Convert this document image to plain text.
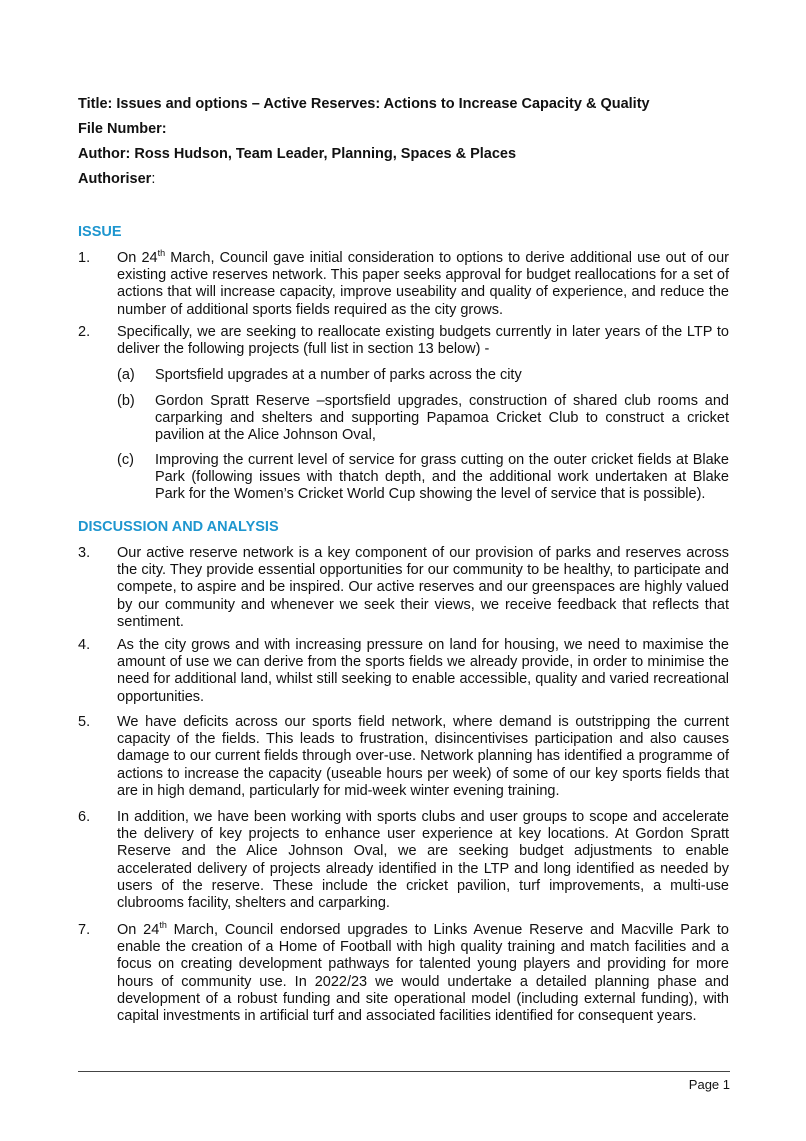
Title: Issues and options – Active Reserves: Actions to Increase Capacity & Quality
File Number:
Author: Ross Hudson, Team Leader, Planning, Spaces & Places
Authoriser:
ISSUE
1. On 24th March, Council gave initial consideration to options to derive additional use out of our existing active reserves network. This paper seeks approval for budget reallocations for a set of actions that will increase capacity, improve useability and quality of experience, and reduce the number of additional sports fields required as the city grows.
2. Specifically, we are seeking to reallocate existing budgets currently in later years of the LTP to deliver the following projects (full list in section 13 below) -
(a) Sportsfield upgrades at a number of parks across the city
(b) Gordon Spratt Reserve –sportsfield upgrades, construction of shared club rooms and carparking and shelters and supporting Papamoa Cricket Club to construct a cricket pavilion at the Alice Johnson Oval,
(c) Improving the current level of service for grass cutting on the outer cricket fields at Blake Park (following issues with thatch depth, and the additional work undertaken at Blake Park for the Women’s Cricket World Cup showing the level of service that is possible).
DISCUSSION AND ANALYSIS
3. Our active reserve network is a key component of our provision of parks and reserves across the city. They provide essential opportunities for our community to be healthy, to participate and compete, to aspire and be inspired. Our active reserves and our greenspaces are highly valued by our community and whenever we seek their views, we receive feedback that reflects that sentiment.
4. As the city grows and with increasing pressure on land for housing, we need to maximise the amount of use we can derive from the sports fields we already provide, in order to minimise the need for additional land, whilst still seeking to enable accessible, quality and varied recreational opportunities.
5. We have deficits across our sports field network, where demand is outstripping the current capacity of the fields. This leads to frustration, disincentivises participation and also causes damage to our current fields through over-use. Network planning has identified a programme of actions to increase the capacity (useable hours per week) of some of our key sports fields that are in high demand, particularly for mid-week winter evening training.
6. In addition, we have been working with sports clubs and user groups to scope and accelerate the delivery of key projects to enhance user experience at key locations. At Gordon Spratt Reserve and the Alice Johnson Oval, we are seeking budget adjustments to enable accelerated delivery of projects already identified in the LTP and long identified as needed by users of the reserve. These include the cricket pavilion, turf improvements, a multi-use clubrooms facility, shelters and carparking.
7. On 24th March, Council endorsed upgrades to Links Avenue Reserve and Macville Park to enable the creation of a Home of Football with high quality training and match facilities and a focus on creating development pathways for talented young players and providing for more hours of community use. In 2022/23 we would undertake a detailed planning phase and development of a robust funding and site operational model (including external funding), with capital investments in artificial turf and associated facilities identified for consequent years.
Page 1
